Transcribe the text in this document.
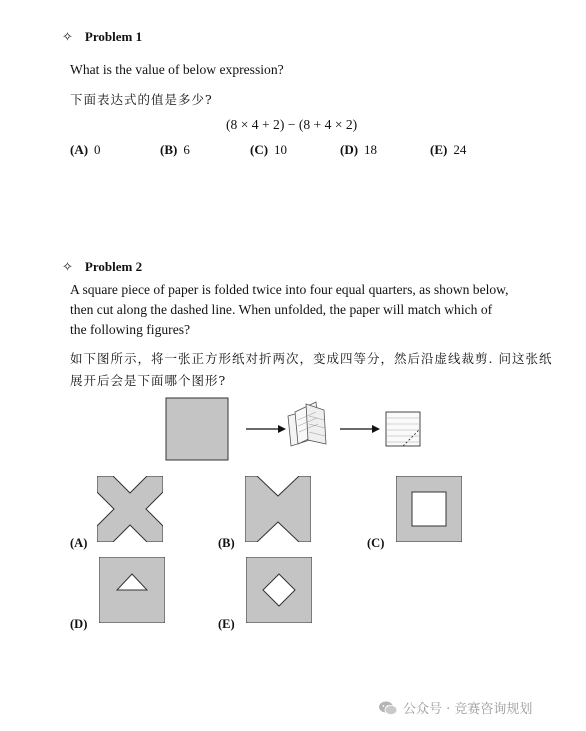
✧ Problem 1
What is the value of below expression?
下面表达式的值是多少?
(8 × 4 + 2) − (8 + 4 × 2)
(A) 0	(B) 6	(C) 10	(D) 18	(E) 24
✧ Problem 2
A square piece of paper is folded twice into four equal quarters, as shown below,
then cut along the dashed line. When unfolded, the paper will match which of
the following figures?
如下图所示，将一张正方形纸对折两次，变成四等分，然后沿虚线裁剪. 问这张纸
展开后会是下面哪个图形?
(A)	(B)	(C)
(D)	(E)
公众号 · 竞赛咨询规划
